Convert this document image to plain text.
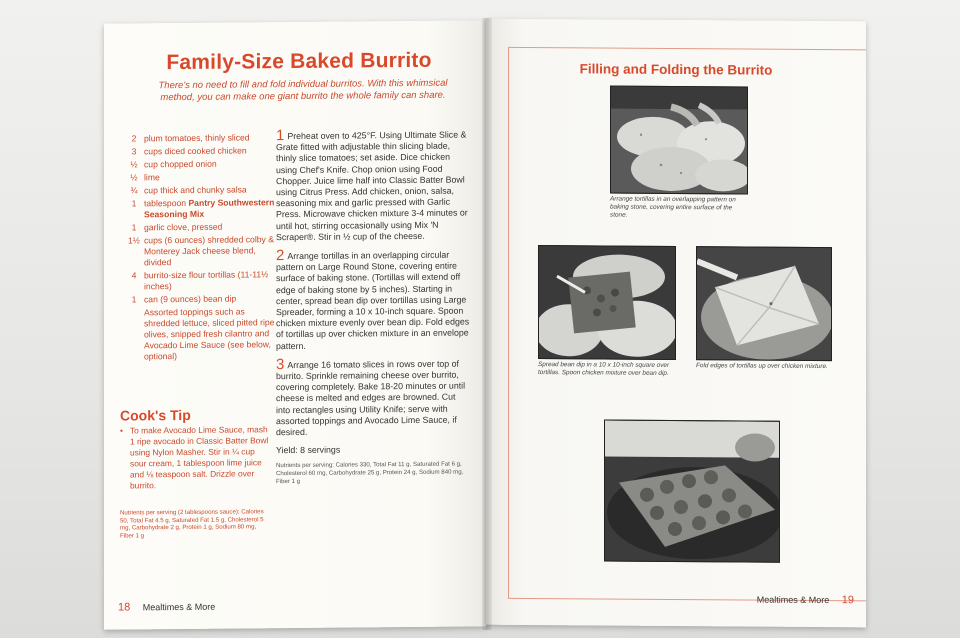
Family-Size Baked Burrito
There's no need to fill and fold individual burritos. With this whimsical method, you can make one giant burrito the whole family can share.
2 plum tomatoes, thinly sliced
3 cups diced cooked chicken
½ cup chopped onion
½ lime
¾ cup thick and chunky salsa
1 tablespoon Pantry Southwestern Seasoning Mix
1 garlic clove, pressed
1½ cups (6 ounces) shredded colby & Monterey Jack cheese blend, divided
4 burrito-size flour tortillas (11-11½ inches)
1 can (9 ounces) bean dip
Assorted toppings such as shredded lettuce, sliced pitted ripe olives, snipped fresh cilantro and Avocado Lime Sauce (see below, optional)
Cook's Tip
• To make Avocado Lime Sauce, mash 1 ripe avocado in Classic Batter Bowl using Nylon Masher. Stir in ¼ cup sour cream, 1 tablespoon lime juice and ⅛ teaspoon salt. Drizzle over burrito.
Nutrients per serving (2 tablespoons sauce): Calories 50, Total Fat 4.5 g, Saturated Fat 1.5 g, Cholesterol 5 mg, Carbohydrate 2 g, Protein 1 g, Sodium 80 mg, Fiber 1 g
1 Preheat oven to 425°F. Using Ultimate Slice & Grate fitted with adjustable thin slicing blade, thinly slice tomatoes; set aside. Dice chicken using Chef's Knife. Chop onion using Food Chopper. Juice lime half into Classic Batter Bowl using Citrus Press. Add chicken, onion, salsa, seasoning mix and garlic pressed with Garlic Press. Microwave chicken mixture 3-4 minutes or until hot, stirring occasionally using Mix 'N Scraper®. Stir in ½ cup of the cheese.
2 Arrange tortillas in an overlapping circular pattern on Large Round Stone, covering entire surface of baking stone. (Tortillas will extend off edge of baking stone by 5 inches). Starting in center, spread bean dip over tortillas using Large Spreader, forming a 10 x 10-inch square. Spoon chicken mixture evenly over bean dip. Fold edges of tortillas up over chicken mixture in an envelope pattern.
3 Arrange 16 tomato slices in rows over top of burrito. Sprinkle remaining cheese over burrito, covering completely. Bake 18-20 minutes or until cheese is melted and edges are browned. Cut into rectangles using Utility Knife; serve with assorted toppings and Avocado Lime Sauce, if desired.
Yield: 8 servings
Nutrients per serving: Calories 330, Total Fat 11 g, Saturated Fat 6 g, Cholesterol 60 mg, Carbohydrate 25 g, Protein 24 g, Sodium 840 mg, Fiber 1 g
18 Mealtimes & More
Filling and Folding the Burrito
Arrange tortillas in an overlapping pattern on baking stone, covering entire surface of the stone.
Spread bean dip in a 10 x 10-inch square over tortillas. Spoon chicken mixture over bean dip.
Fold edges of tortillas up over chicken mixture.
Mealtimes & More 19
